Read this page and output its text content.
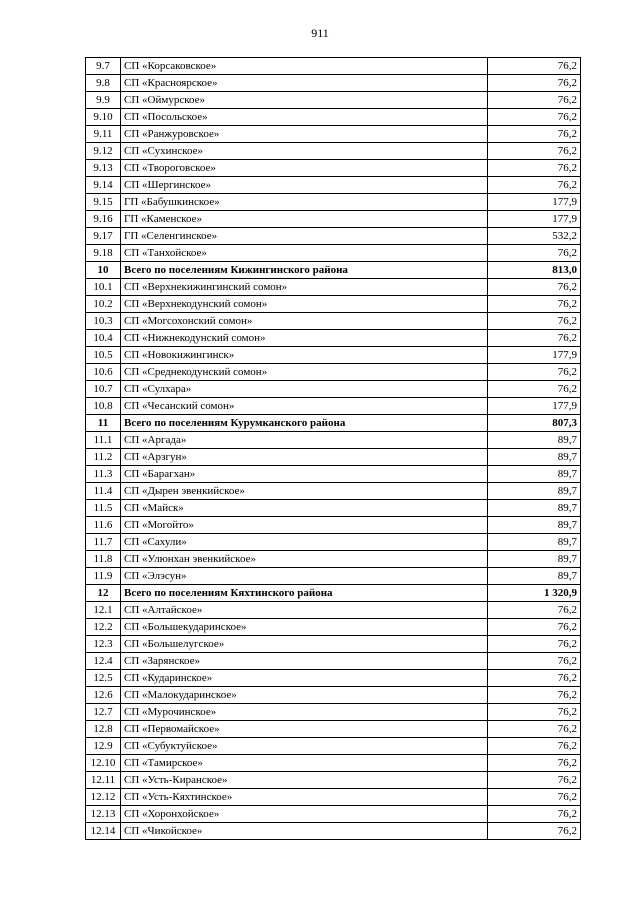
911
9.7	СП «Корсаковское»	76,2
9.8	СП «Красноярское»	76,2
9.9	СП «Оймурское»	76,2
9.10	СП «Посольское»	76,2
9.11	СП «Ранжуровское»	76,2
9.12	СП «Сухинское»	76,2
9.13	СП «Твороговское»	76,2
9.14	СП «Шергинское»	76,2
9.15	ГП «Бабушкинское»	177,9
9.16	ГП «Каменское»	177,9
9.17	ГП «Селенгинское»	532,2
9.18	СП «Танхойское»	76,2
10	Всего по поселениям Кижингинского района	813,0
10.1	СП «Верхнекижингинский сомон»	76,2
10.2	СП «Верхнекодунский сомон»	76,2
10.3	СП «Могсохонский сомон»	76,2
10.4	СП «Нижнекодунский сомон»	76,2
10.5	СП «Новокижингинск»	177,9
10.6	СП «Среднекодунский сомон»	76,2
10.7	СП «Сулхара»	76,2
10.8	СП «Чесанский сомон»	177,9
11	Всего по поселениям Курумканского района	807,3
11.1	СП «Аргада»	89,7
11.2	СП «Арзгун»	89,7
11.3	СП «Барагхан»	89,7
11.4	СП «Дырен эвенкийское»	89,7
11.5	СП «Майск»	89,7
11.6	СП «Могойто»	89,7
11.7	СП «Сахули»	89,7
11.8	СП «Улюнхан эвенкийское»	89,7
11.9	СП «Элэсун»	89,7
12	Всего по поселениям Кяхтинского района	1 320,9
12.1	СП «Алтайское»	76,2
12.2	СП «Большекударинское»	76,2
12.3	СП «Большелугское»	76,2
12.4	СП «Зарянское»	76,2
12.5	СП «Кударинское»	76,2
12.6	СП «Малокударинское»	76,2
12.7	СП «Мурочинское»	76,2
12.8	СП «Первомайское»	76,2
12.9	СП «Субуктуйское»	76,2
12.10	СП «Тамирское»	76,2
12.11	СП «Усть-Киранское»	76,2
12.12	СП «Усть-Кяхтинское»	76,2
12.13	СП «Хоронхойское»	76,2
12.14	СП «Чикойское»	76,2
